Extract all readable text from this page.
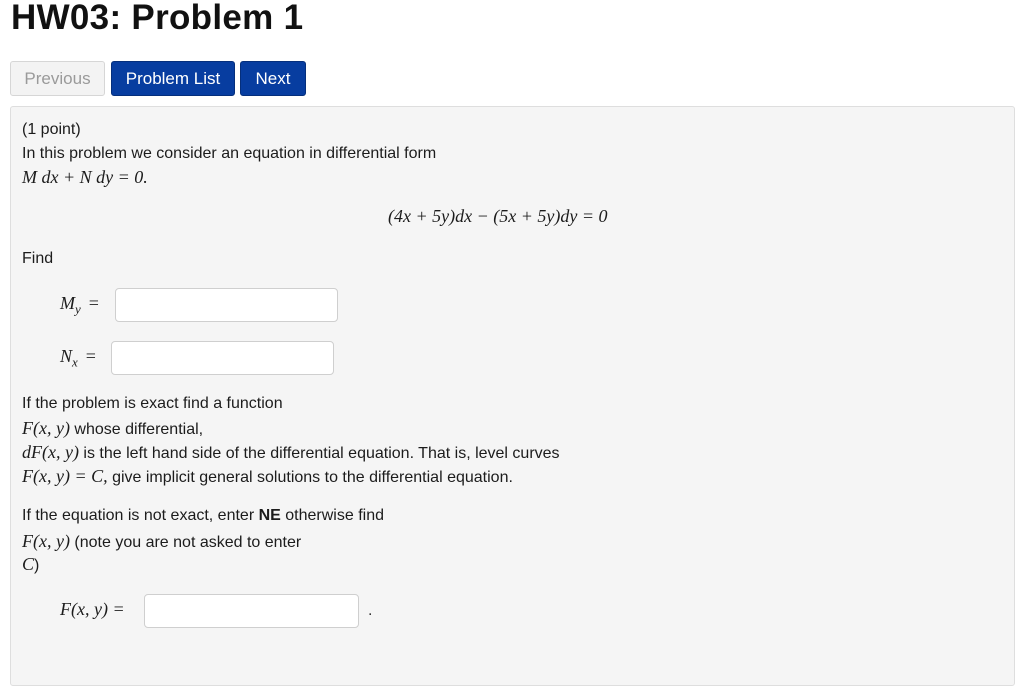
HW03: Problem 1
Previous	Problem List	Next
(1 point)
In this problem we consider an equation in differential form
M dx + N dy = 0.
(4x + 5y)dx − (5x + 5y)dy = 0
Find
$M_y$ =
$N_x$ =
If the problem is exact find a function
F(x, y) whose differential,
dF(x, y) is the left hand side of the differential equation. That is, level curves
F(x, y) = C, give implicit general solutions to the differential equation.
If the equation is not exact, enter NE otherwise find
F(x, y) (note you are not asked to enter
C)
F(x, y) =	.
